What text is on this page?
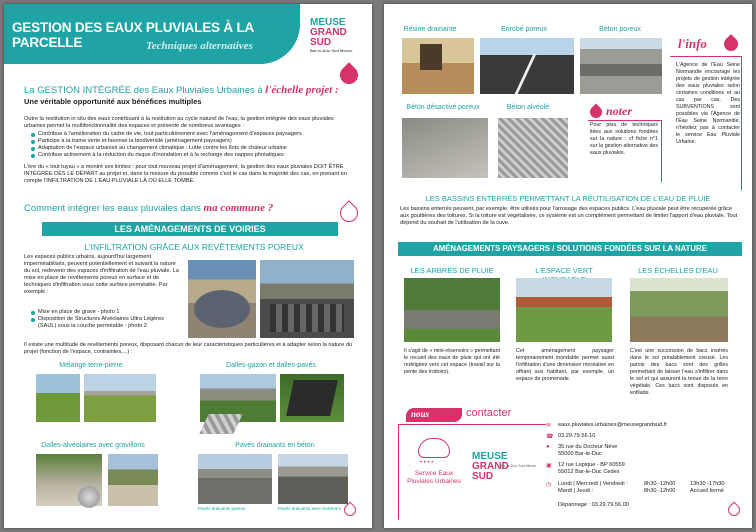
GESTION DES EAUX PLUVIALES À LA PARCELLE	Techniques alternatives
MEUSE
GRAND
SUD
Bar-le-Duc Sud Meuse
La GESTION INTÉGRÉE des Eaux Pluviales Urbaines à l'échelle projet :
Une véritable opportunité aux bénéfices multiples
Outre la restitution in situ des eaux contribuant à la restitution au cycle naturel de l'eau, la gestion intégrée des eaux pluviales urbaines permet la multifonctionnalité des espaces et présente de nombreux avantages :
Contribue à l'amélioration du cadre de vie, tout particulièrement avec l'aménagement d'espaces paysagers
Participe à la trame verte et favorise la biodiversité (aménagement paysagers)
Adaptation de l'espace urbanisé au changement climatique : Lutte contre les îlots de chaleur urbaine
Contribue activement à la réduction du risque d'inondation et à la recharge des nappes phréatiques
L'ère du « tout tuyau » a montré ses limites : pour tout nouveau projet d'aménagement, la gestion des eaux pluviales DOIT ÊTRE INTÉGRÉE DÈS LE DÉPART au projet et, dans la mesure du possible comme c'est le cas dans la majorité des cas, en prenant en compte l'INFILTRATION DE L'EAU PLUVIALE LÀ OÙ ELLE TOMBE.
Comment intégrer les eaux pluviales dans ma commune ?
LES AMÉNAGEMENTS DE VOIRIES
L'INFILTRATION GRÂCE AUX REVÊTEMENTS POREUX
Les espaces publics urbains, aujourd'hui largement imperméabilisés, peuvent potentiellement et suivant la nature du sol, redevenir des espaces d'infiltration de l'eau pluviale. La mise en place de revêtements poreux en surface et de techniques d'infiltration sous cette surface perméable. Par exemple :
Mise en place de grave - photo 1
Disposition de Structures Alvéolaires Ultra Légères (SAUL) sous la couche perméable - photo 2
Il existe une multitude de revêtements poreux, disposant chacun de leur caractéristiques particulières et à adapter selon la nature du projet (fonction de l'espace, contraintes,...) :
Mélange terre-pierre	Dalles-gazon et dalles-pavés
Dalles-alvéolaires avec gravillons	Pavés drainants en béton
Pavés drainants poreux	Pavés drainants avec écarteurs
Résine drainante	Enrobé poreux	Béton poreux
l'info
L'Agence de l'Eau Seine Normandie encourage les projets de gestion intégrée des eaux pluviales selon certaines conditions et au cas par cas. Des SUBVENTIONS sont possibles via l'Agence de l'Eau Seine Normandie, n'hésitez pas à contacter le service Eau Pluviale Urbaine.
Béton désactivé poreux	Béton alvéolé	noter
Pour plus de techniques liées aux solutions fondées sur la nature : cf fiche n°1 sur la gestion alternative des eaux pluviales.
LES BASSINS ENTERRÉS PERMETTANT LA RÉUTILISATION DE L'EAU DE PLUIE
Les bassins enterrés peuvent, par exemple, être utilisés pour l'arrosage des espaces publics. L'eau pluviale peut être récupérée grâce aux gouttières des toitures. Si la toiture est végétalisée, ce système est un complément permettant de limiter l'apport d'eau pluviale. Tout dépend du souhait de l'utilisation de la cuve.
AMÉNAGEMENTS PAYSAGERS / SOLUTIONS FONDÉES SUR LA NATURE
LES ARBRES DE PLUIE	L'ESPACE VERT	LES ÉCHELLES D'EAU
Il s'agit de « mini-réservoirs » permettant le recueil des eaux de pluie qui ont été redirigées vers cet espace (travail sur la pente des trottoirs).
Cet aménagement paysager temporairement inondable permet aussi l'infiltration d'une dimension récréative en offrant aux habitant, par exemple, un espace de promenade.
C'est une succession de bacs insérés dans le sol préalablement creusé. Les parois des bacs sont des grilles permettant de laisser l'eau s'infiltrer dans le sol et qui assurent la tenue de la terre végétale. Ces bacs sont disposés en enfilade.
nous	contacter
• • • •
Service Eaux Pluviales Urbaines
MEUSE
GRAND
SUD
Bar-le-Duc Sud Meuse
✉ eaux.pluviales.urbaines@meusegrandsud.fr
☎ 03.29.79.56.10
● 35 rue du Docteur Nève
55000 Bar-le-Duc
▣ 12 rue Lapique - BP 60559
55012 Bar-le-Duc Cedex
◷ Lundi | Mercredi | Vendredi :	8h30 -12h00	13h30 -17h30
Mardi | Jeudi :	8h30 -12h00	Accueil fermé
Dépannage : 03.29.79.56.00
